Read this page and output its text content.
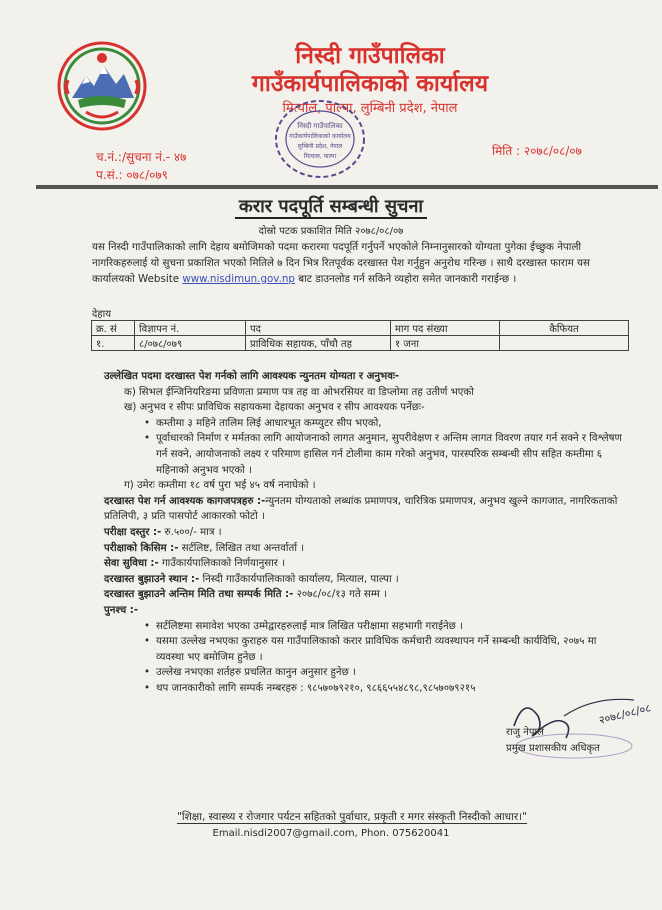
निस्दी गाउँपालिका
गाउँकार्यपालिकाको कार्यालय
मित्याल, पाल्पा, लुम्बिनी प्रदेश, नेपाल
निस्दी गाउँपालिका
गाउँकार्यपालिकाको कार्यालय
लुम्बिनी प्रदेश, नेपाल
मित्याल, पाल्पा
च.नं.:/सुचना नं.- ४७
प.सं.: ०७८/०७९
मिति : २०७८/०८/०७
करार पदपूर्ति सम्बन्धी सुचना
दोस्रो पटक प्रकाशित मिति २०७८/०८/०७
यस निस्दी गाउँपालिकाको लागि देहाय बमोजिमको पदमा करारमा पदपूर्ति गर्नुपर्ने भएकोले निम्नानुसारको योग्यता पुगेका ईच्छुक नेपाली नागरिकहरुलाई यो सुचना प्रकाशित भएको मितिले ७ दिन भित्र रितपूर्वक दरखास्त पेश गर्नुहुन अनुरोध गरिन्छ । साथै दरखास्त फाराम यस कार्यालयको Website www.nisdimun.gov.np बाट डाउनलोड गर्न सकिने व्यहोरा समेत जानकारी गराईन्छ ।
देहाय
क्र. सं	विज्ञापन नं.	पद	माग पद संख्या	कैफियत
१.	८/०७८/०७९	प्राविधिक सहायक, पाँचौ तह	१ जना	

उल्लेखित पदमा दरखास्त पेश गर्नको लागि आवश्यक न्युनतम योग्यता र अनुभवः-

क) सिभल ईन्जिनियरिङमा प्रविणता प्रमाण पत्र तह वा ओभरसियर वा डिप्लोमा तह उतीर्ण भएको

ख) अनुभव र सीपः प्राविधिक सहायकमा देहायका अनुभव र सीप आवश्यक पर्नेछः-

• कम्तीमा ३ महिने तालिम लिई आधारभूत कम्प्युटर सीप भएको,

• पूर्वाधारको निर्माण र मर्मतका लागि आयोजनाको लागत अनुमान, सुपरीवेक्षण र अन्तिम लागत विवरण तयार गर्न सक्ने र विश्लेषण गर्न सक्ने, आयोजनाको लक्ष्य र परिमाण हासिल गर्न टोलीमा काम गरेको अनुभव, पारस्परिक सम्बन्धी सीप सहित कम्तीमा ६ महिनाको अनुभव भएको ।

ग) उमेरः कम्तीमा १८ वर्ष पुरा भई ४५ वर्ष ननाघेको ।

दरखास्त पेश गर्न आवश्यक कागजपत्रहरु :-न्युनतम योग्यताको लब्धांक प्रमाणपत्र, चारित्रिक प्रमाणपत्र, अनुभव खुल्ने कागजात, नागरिकताको प्रतिलिपी, ३ प्रति पासपोर्ट आकारको फोटो ।

परीक्षा दस्तुर :- रु.५००/- मात्र ।

परीक्षाको किसिम :- सर्टलिष्ट, लिखित तथा अन्तर्वार्ता ।

सेवा सुविधा :- गाउँकार्यपालिकाको निर्णयानुसार ।

दरखास्त बुझाउने स्थान :- निस्दी गाउँकार्यपालिकाको कार्यालय, मित्याल, पाल्पा ।

दरखास्त बुझाउने अन्तिम मिति तथा सम्पर्क मिति :- २०७८/०८/१३ गते सम्म ।

पुनश्च :-

• सर्टलिष्टमा समावेश भएका उम्मेद्वारहरुलाई मात्र लिखित परीक्षामा सहभागी गराईनेछ ।

• यसमा उल्लेख नभएका कुराहरु यस गाउँपालिकाको करार प्राविधिक कर्मचारी व्यवस्थापन गर्ने सम्बन्धी कार्यविधि, २०७५ मा व्यवस्था भए बमोजिम हुनेछ ।

• उल्लेख नभएका शर्तहरु प्रचलित कानुन अनुसार हुनेछ ।

• थप जानकारीको लागि सम्पर्क नम्बरहरु : ९८५७०७९२१०, ९८६६५५४८९८,९८५७०७९२१५

२०७८/०८/०८
राजु नेपाल
प्रमुख प्रशासकीय अधिकृत
"शिक्षा, स्वास्थ्य र रोजगार पर्यटन सहितको पुर्वाधार, प्रकृती र मगर संस्कृती निस्दीको आधार।"
Email.nisdi2007@gmail.com, Phon. 075620041
